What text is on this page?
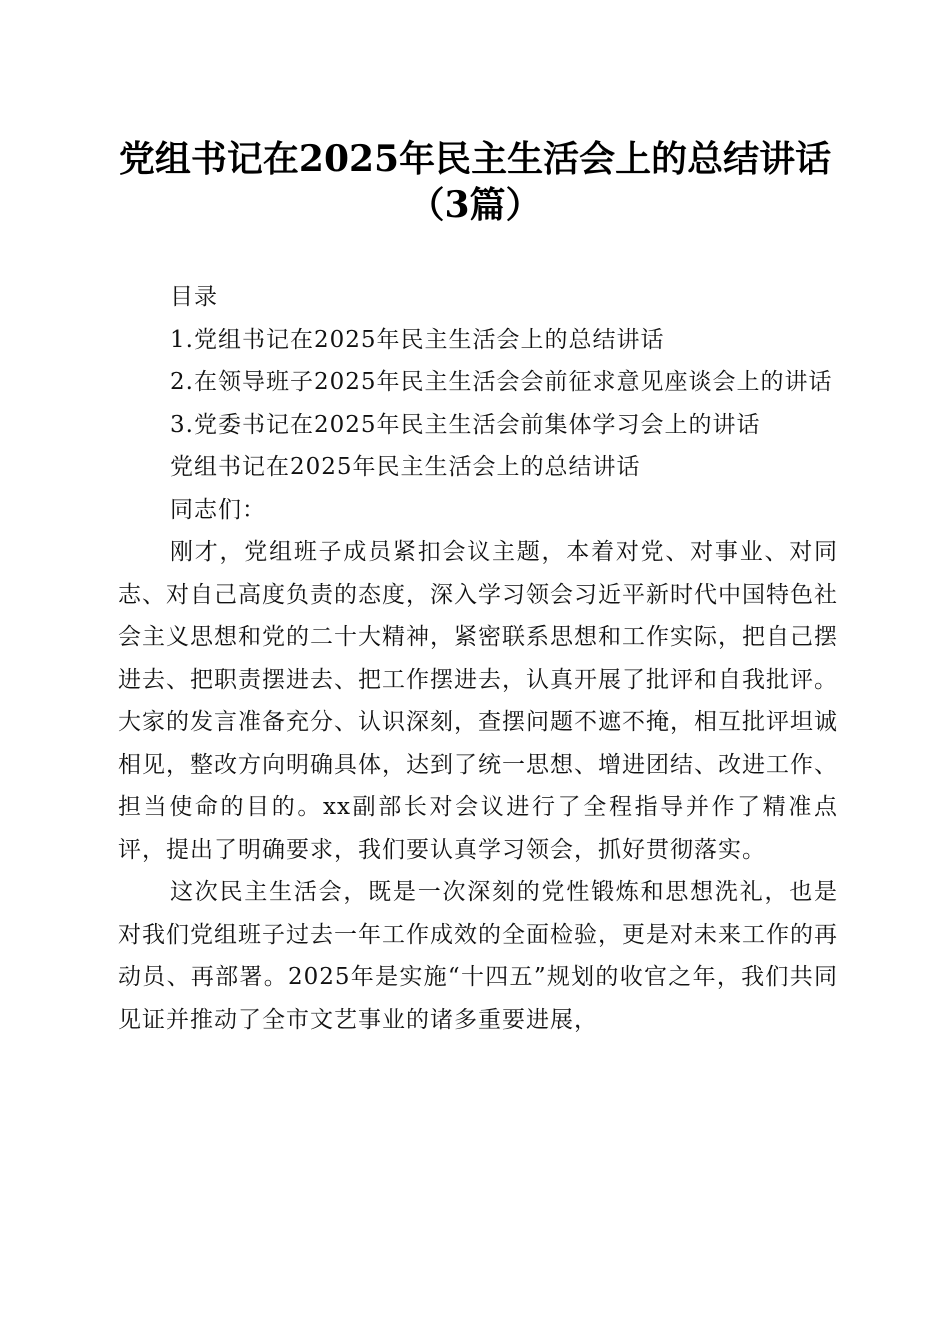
党组书记在2025年民主生活会上的总结讲话
（3篇）

目录

1.党组书记在2025年民主生活会上的总结讲话

2.在领导班子2025年民主生活会会前征求意见座谈会上的讲话

3.党委书记在2025年民主生活会前集体学习会上的讲话

党组书记在2025年民主生活会上的总结讲话

同志们：

刚才，党组班子成员紧扣会议主题，本着对党、对事业、对同志、对自己高度负责的态度，深入学习领会习近平新时代中国特色社会主义思想和党的二十大精神，紧密联系思想和工作实际，把自己摆进去、把职责摆进去、把工作摆进去，认真开展了批评和自我批评。大家的发言准备充分、认识深刻，查摆问题不遮不掩，相互批评坦诚相见，整改方向明确具体，达到了统一思想、增进团结、改进工作、担当使命的目的。xx副部长对会议进行了全程指导并作了精准点评，提出了明确要求，我们要认真学习领会，抓好贯彻落实。

这次民主生活会，既是一次深刻的党性锻炼和思想洗礼，也是对我们党组班子过去一年工作成效的全面检验，更是对未来工作的再动员、再部署。2025年是实施“十四五”规划的收官之年，我们共同见证并推动了全市文艺事业的诸多重要进展，
